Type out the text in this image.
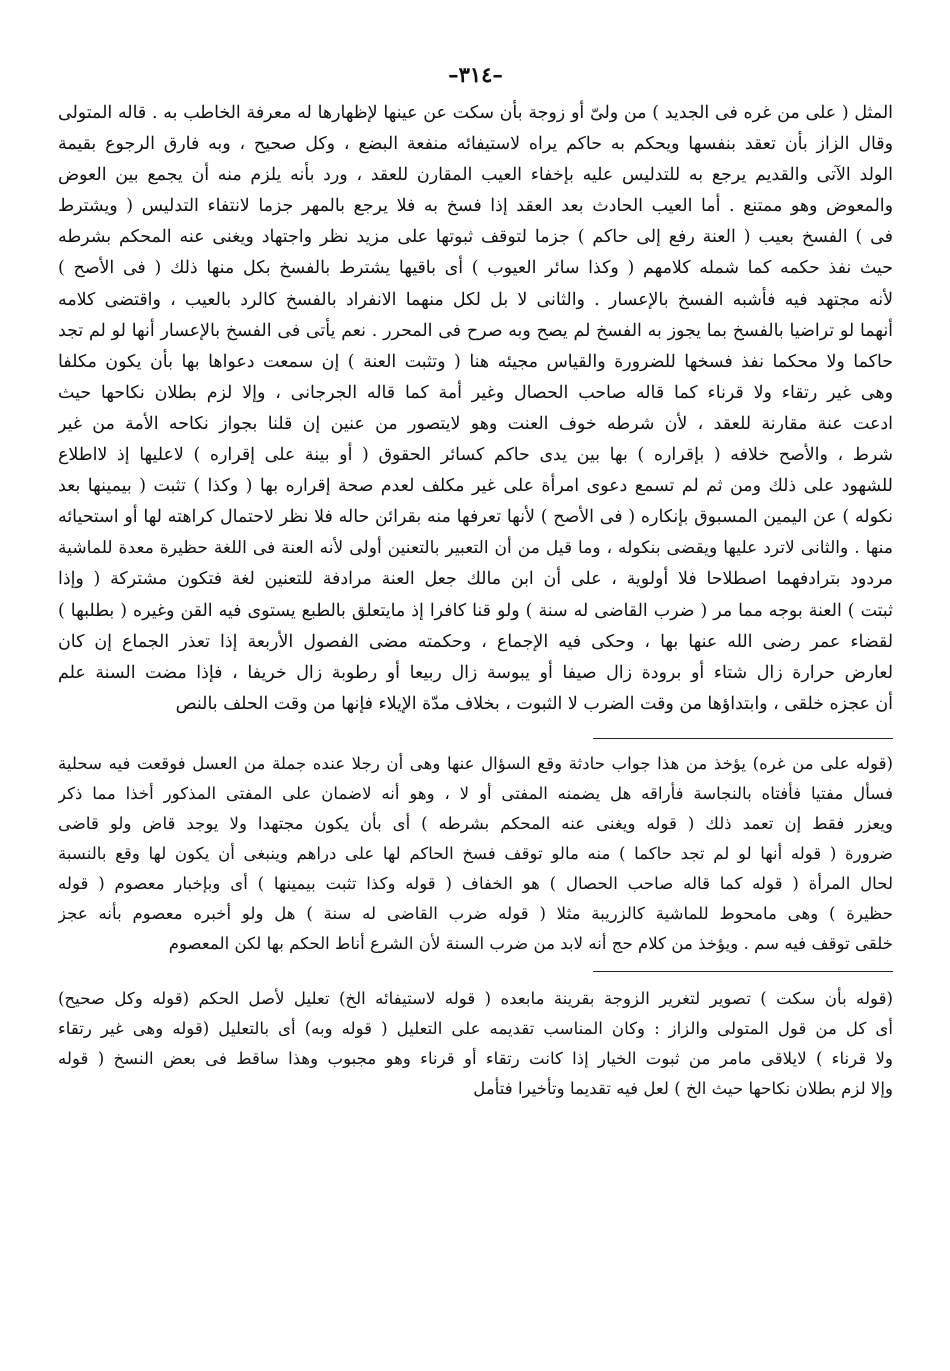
–٣١٤–
المثل ( على من غره فى الجديد ) من ولىّ أو زوجة بأن سكت عن عينها لإظهارها له معرفة الخاطب به . قاله المتولى
وقال الزاز بأن تعقد بنفسها ويحكم به حاكم يراه لاستيفائه منفعة البضع ، وكل صحيح ، وبه فارق الرجوع بقيمة
الولد الآتى والقديم يرجع به للتدليس عليه بإخفاء العيب المقارن للعقد ، ورد بأنه يلزم منه أن يجمع بين العوض
والمعوض وهو ممتنع . أما العيب الحادث بعد العقد إذا فسخ به فلا يرجع بالمهر جزما لانتفاء التدليس ( ويشترط
فى ) الفسخ بعيب ( العنة رفع إلى حاكم ) جزما لتوقف ثبوتها على مزيد نظر واجتهاد ويغنى عنه المحكم بشرطه
حيث نفذ حكمه كما شمله كلامهم ( وكذا سائر العيوب ) أى باقيها يشترط بالفسخ بكل منها ذلك ( فى الأصح )
لأنه مجتهد فيه فأشبه الفسخ بالإعسار . والثانى لا بل لكل منهما الانفراد بالفسخ كالرد بالعيب ، واقتضى كلامه
أنهما لو تراضيا بالفسخ بما يجوز به الفسخ لم يصح وبه صرح فى المحرر . نعم يأتى فى الفسخ بالإعسار أنها لو لم تجد
حاكما ولا محكما نفذ فسخها للضرورة والقياس مجيئه هنا ( وتثبت العنة ) إن سمعت دعواها بها بأن يكون مكلفا
وهى غير رتقاء ولا قرناء كما قاله صاحب الحصال وغير أمة كما قاله الجرجانى ، وإلا لزم بطلان نكاحها حيث
ادعت عنة مقارنة للعقد ، لأن شرطه خوف العنت وهو لايتصور من عنين إن قلنا بجواز نكاحه الأمة من غير
شرط ، والأصح خلافه ( بإقراره ) بها بين يدى حاكم كسائر الحقوق ( أو بينة على إقراره ) لاعليها إذ لااطلاع
للشهود على ذلك ومن ثم لم تسمع دعوى امرأة على غير مكلف لعدم صحة إقراره بها ( وكذا ) تثبت ( بيمينها بعد
نكوله ) عن اليمين المسبوق بإنكاره ( فى الأصح ) لأنها تعرفها منه بقرائن حاله فلا نظر لاحتمال كراهته لها أو استحيائه
منها . والثانى لاترد عليها ويقضى بنكوله ، وما قيل من أن التعبير بالتعنين أولى لأنه العنة فى اللغة حظيرة معدة للماشية
مردود بترادفهما اصطلاحا فلا أولوية ، على أن ابن مالك جعل العنة مرادفة للتعنين لغة فتكون مشتركة ( وإذا
ثبتت ) العنة بوجه مما مر ( ضرب القاضى له سنة ) ولو قنا كافرا إذ مايتعلق بالطبع يستوى فيه القن وغيره ( بطلبها )
لقضاء عمر رضى الله عنها بها ، وحكى فيه الإجماع ، وحكمته مضى الفصول الأربعة إذا تعذر الجماع إن كان
لعارض حرارة زال شتاء أو برودة زال صيفا أو يبوسة زال ربيعا أو رطوبة زال خريفا ، فإذا مضت السنة علم
أن عجزه خلقى ، وابتداؤها من وقت الضرب لا الثبوت ، بخلاف مدّة الإيلاء فإنها من وقت الحلف بالنص
(قوله على من غره) يؤخذ من هذا جواب حادثة وقع السؤال عنها وهى أن رجلا عنده جملة من العسل فوقعت فيه سحلية
فسأل مفتيا فأفتاه بالنجاسة فأراقه هل يضمنه المفتى أو لا ، وهو أنه لاضمان على المفتى المذكور أخذا مما ذكر
ويعزر فقط إن تعمد ذلك ( قوله ويغنى عنه المحكم بشرطه ) أى بأن يكون مجتهدا ولا يوجد قاض ولو قاضى
ضرورة ( قوله أنها لو لم تجد حاكما ) منه مالو توقف فسخ الحاكم لها على دراهم وينبغى أن يكون لها وقع بالنسبة
لحال المرأة ( قوله كما قاله صاحب الحصال ) هو الخفاف ( قوله وكذا تثبت بيمينها ) أى وبإخبار معصوم ( قوله
حظيرة ) وهى مامحوط للماشية كالزريبة مثلا ( قوله ضرب القاضى له سنة ) هل ولو أخبره معصوم بأنه عجز
خلقى توقف فيه سم . ويؤخذ من كلام حج أنه لابد من ضرب السنة لأن الشرع أناط الحكم بها لكن المعصوم
(قوله بأن سكت ) تصوير لتغرير الزوجة بقرينة مابعده ( قوله لاستيفائه الخ) تعليل لأصل الحكم (قوله وكل صحيح)
أى كل من قول المتولى والزاز : وكان المناسب تقديمه على التعليل ( قوله وبه) أى بالتعليل (قوله وهى غير رتقاء
ولا قرناء ) لايلاقى مامر من ثبوت الخيار إذا كانت رتقاء أو قرناء وهو مجبوب وهذا ساقط فى بعض النسخ ( قوله
وإلا لزم بطلان نكاحها حيث الخ ) لعل فيه تقديما وتأخيرا فتأمل
